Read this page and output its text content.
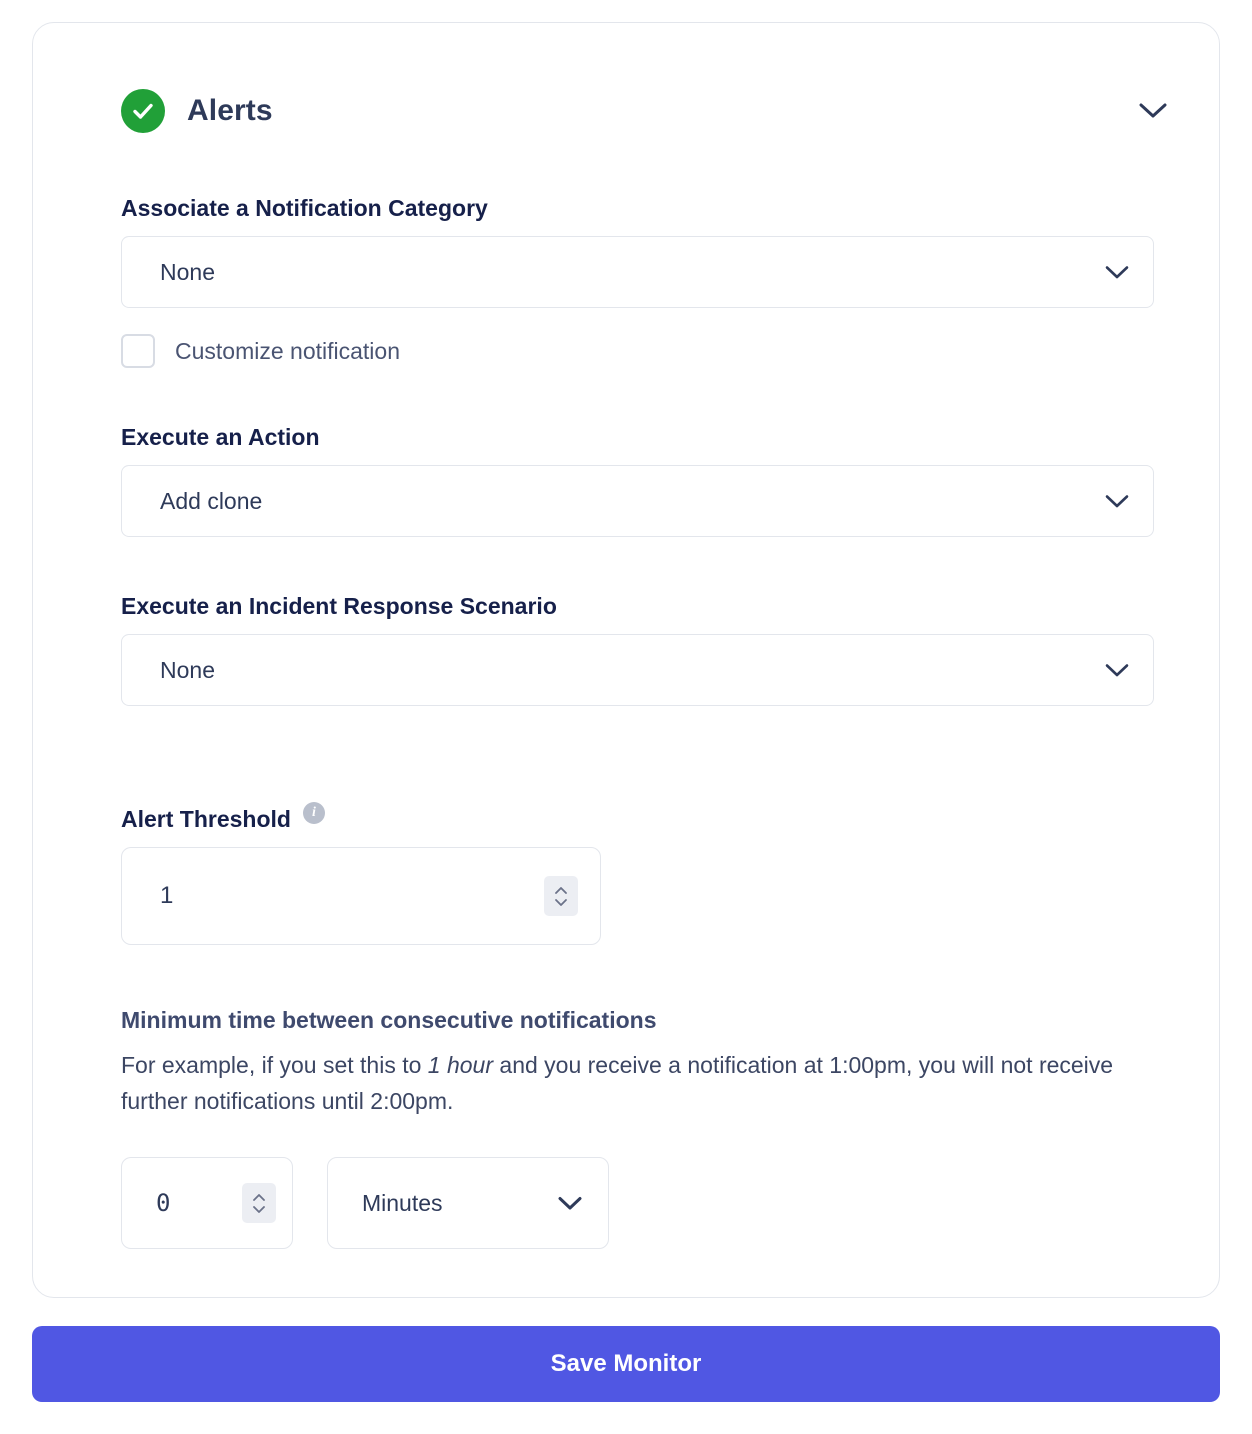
Alerts
Associate a Notification Category
None
Customize notification
Execute an Action
Add clone
Execute an Incident Response Scenario
None
Alert Threshold	i
1
Minimum time between consecutive notifications
For example, if you set this to 1 hour and you receive a notification at 1:00pm, you will not receive further notifications until 2:00pm.
0	Minutes
Save Monitor
